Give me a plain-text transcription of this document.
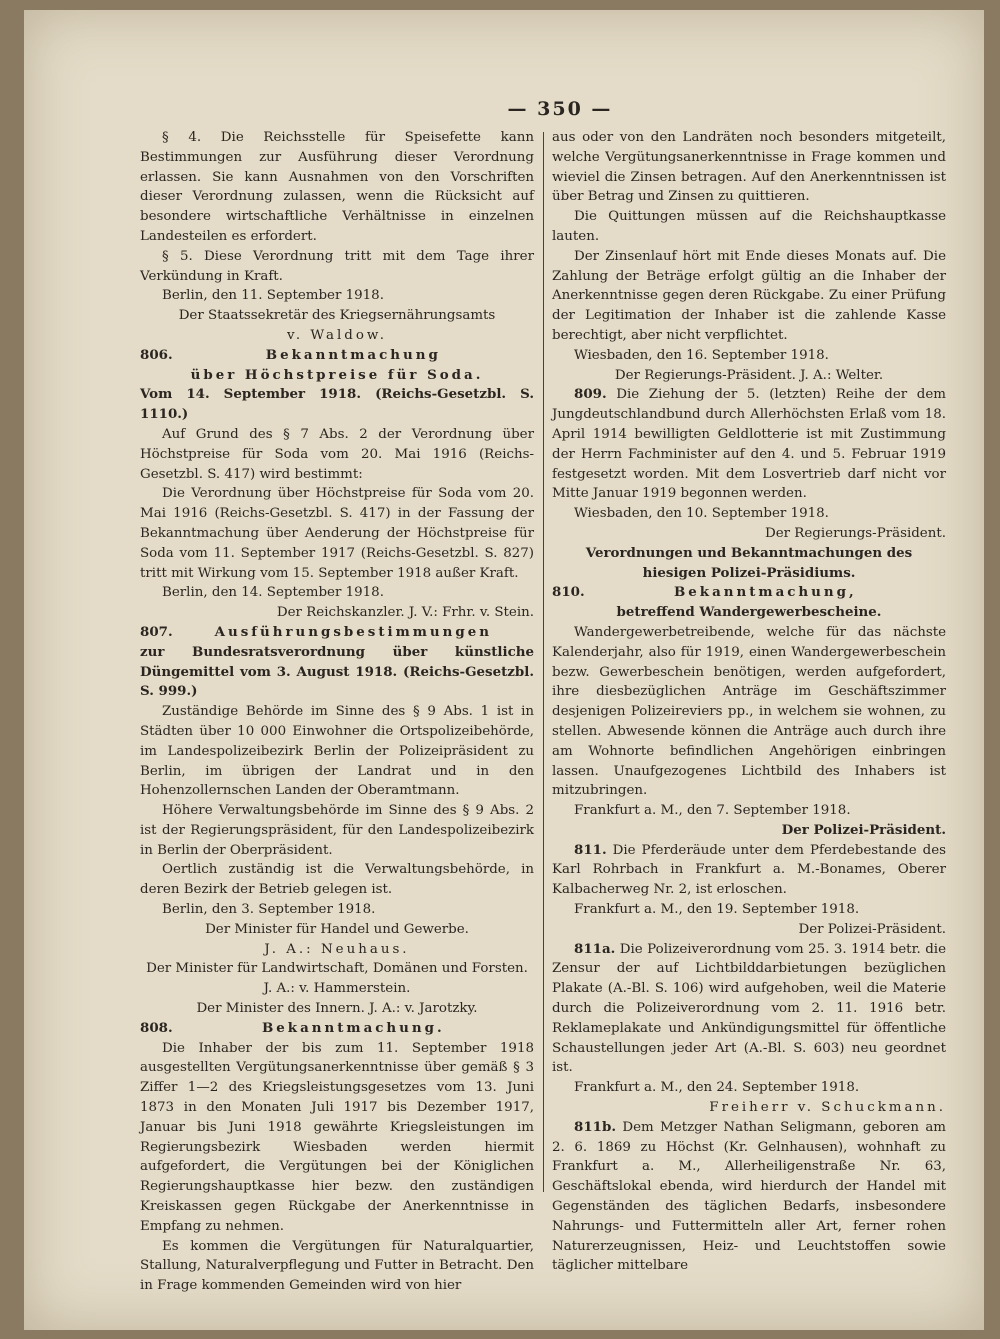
— 350 —

§ 4. Die Reichsstelle für Speisefette kann Bestimmungen zur Ausführung dieser Verordnung erlassen. Sie kann Ausnahmen von den Vorschriften dieser Verordnung zulassen, wenn die Rücksicht auf besondere wirtschaftliche Verhältnisse in einzelnen Landesteilen es erfordert.

§ 5. Diese Verordnung tritt mit dem Tage ihrer Verkündung in Kraft.

Berlin, den 11. September 1918.

Der Staatssekretär des Kriegsernährungsamts

v. Waldow.

806.	Bekanntmachung

über Höchstpreise für Soda.

Vom 14. September 1918. (Reichs-Gesetzbl. S. 1110.)

Auf Grund des § 7 Abs. 2 der Verordnung über Höchstpreise für Soda vom 20. Mai 1916 (Reichs-Gesetzbl. S. 417) wird bestimmt:

Die Verordnung über Höchstpreise für Soda vom 20. Mai 1916 (Reichs-Gesetzbl. S. 417) in der Fassung der Bekanntmachung über Aenderung der Höchstpreise für Soda vom 11. September 1917 (Reichs-Gesetzbl. S. 827) tritt mit Wirkung vom 15. September 1918 außer Kraft.

Berlin, den 14. September 1918.

Der Reichskanzler. J. V.: Frhr. v. Stein.

807.	Ausführungsbestimmungen

zur Bundesratsverordnung über künstliche Düngemittel vom 3. August 1918. (Reichs-Gesetzbl. S. 999.)

Zuständige Behörde im Sinne des § 9 Abs. 1 ist in Städten über 10 000 Einwohner die Ortspolizeibehörde, im Landespolizeibezirk Berlin der Polizeipräsident zu Berlin, im übrigen der Landrat und in den Hohenzollernschen Landen der Oberamtmann.

Höhere Verwaltungsbehörde im Sinne des § 9 Abs. 2 ist der Regierungspräsident, für den Landespolizeibezirk in Berlin der Oberpräsident.

Oertlich zuständig ist die Verwaltungsbehörde, in deren Bezirk der Betrieb gelegen ist.

Berlin, den 3. September 1918.

Der Minister für Handel und Gewerbe.

J. A.: Neuhaus.

Der Minister für Landwirtschaft, Domänen und Forsten. J. A.: v. Hammerstein.

Der Minister des Innern. J. A.: v. Jarotzky.

808.	Bekanntmachung.

Die Inhaber der bis zum 11. September 1918 ausgestellten Vergütungsanerkenntnisse über gemäß § 3 Ziffer 1—2 des Kriegsleistungsgesetzes vom 13. Juni 1873 in den Monaten Juli 1917 bis Dezember 1917, Januar bis Juni 1918 gewährte Kriegsleistungen im Regierungsbezirk Wiesbaden werden hiermit aufgefordert, die Vergütungen bei der Königlichen Regierungshauptkasse hier bezw. den zuständigen Kreiskassen gegen Rückgabe der Anerkenntnisse in Empfang zu nehmen.

Es kommen die Vergütungen für Naturalquartier, Stallung, Naturalverpflegung und Futter in Betracht. Den in Frage kommenden Gemeinden wird von hier

aus oder von den Landräten noch besonders mitgeteilt, welche Vergütungsanerkenntnisse in Frage kommen und wieviel die Zinsen betragen. Auf den Anerkenntnissen ist über Betrag und Zinsen zu quittieren.

Die Quittungen müssen auf die Reichshauptkasse lauten.

Der Zinsenlauf hört mit Ende dieses Monats auf. Die Zahlung der Beträge erfolgt gültig an die Inhaber der Anerkenntnisse gegen deren Rückgabe. Zu einer Prüfung der Legitimation der Inhaber ist die zahlende Kasse berechtigt, aber nicht verpflichtet.

Wiesbaden, den 16. September 1918.

Der Regierungs-Präsident. J. A.: Welter.

809. Die Ziehung der 5. (letzten) Reihe der dem Jungdeutschlandbund durch Allerhöchsten Erlaß vom 18. April 1914 bewilligten Geldlotterie ist mit Zustimmung der Herrn Fachminister auf den 4. und 5. Februar 1919 festgesetzt worden. Mit dem Losvertrieb darf nicht vor Mitte Januar 1919 begonnen werden.

Wiesbaden, den 10. September 1918.

Der Regierungs-Präsident.

Verordnungen und Bekanntmachungen des hiesigen Polizei-Präsidiums.

810.	Bekanntmachung,

betreffend Wandergewerbescheine.

Wandergewerbetreibende, welche für das nächste Kalenderjahr, also für 1919, einen Wandergewerbeschein bezw. Gewerbeschein benötigen, werden aufgefordert, ihre diesbezüglichen Anträge im Geschäftszimmer desjenigen Polizeireviers pp., in welchem sie wohnen, zu stellen. Abwesende können die Anträge auch durch ihre am Wohnorte befindlichen Angehörigen einbringen lassen. Unaufgezogenes Lichtbild des Inhabers ist mitzubringen.

Frankfurt a. M., den 7. September 1918.

Der Polizei-Präsident.

811. Die Pferderäude unter dem Pferdebestande des Karl Rohrbach in Frankfurt a. M.-Bonames, Oberer Kalbacherweg Nr. 2, ist erloschen.

Frankfurt a. M., den 19. September 1918.

Der Polizei-Präsident.

811a. Die Polizeiverordnung vom 25. 3. 1914 betr. die Zensur der auf Lichtbilddarbietungen bezüglichen Plakate (A.-Bl. S. 106) wird aufgehoben, weil die Materie durch die Polizeiverordnung vom 2. 11. 1916 betr. Reklameplakate und Ankündigungsmittel für öffentliche Schaustellungen jeder Art (A.-Bl. S. 603) neu geordnet ist.

Frankfurt a. M., den 24. September 1918.

Freiherr v. Schuckmann.

811b. Dem Metzger Nathan Seligmann, geboren am 2. 6. 1869 zu Höchst (Kr. Gelnhausen), wohnhaft zu Frankfurt a. M., Allerheiligenstraße Nr. 63, Geschäftslokal ebenda, wird hierdurch der Handel mit Gegenständen des täglichen Bedarfs, insbesondere Nahrungs- und Futtermitteln aller Art, ferner rohen Naturerzeugnissen, Heiz- und Leuchtstoffen sowie täglicher mittelbare
